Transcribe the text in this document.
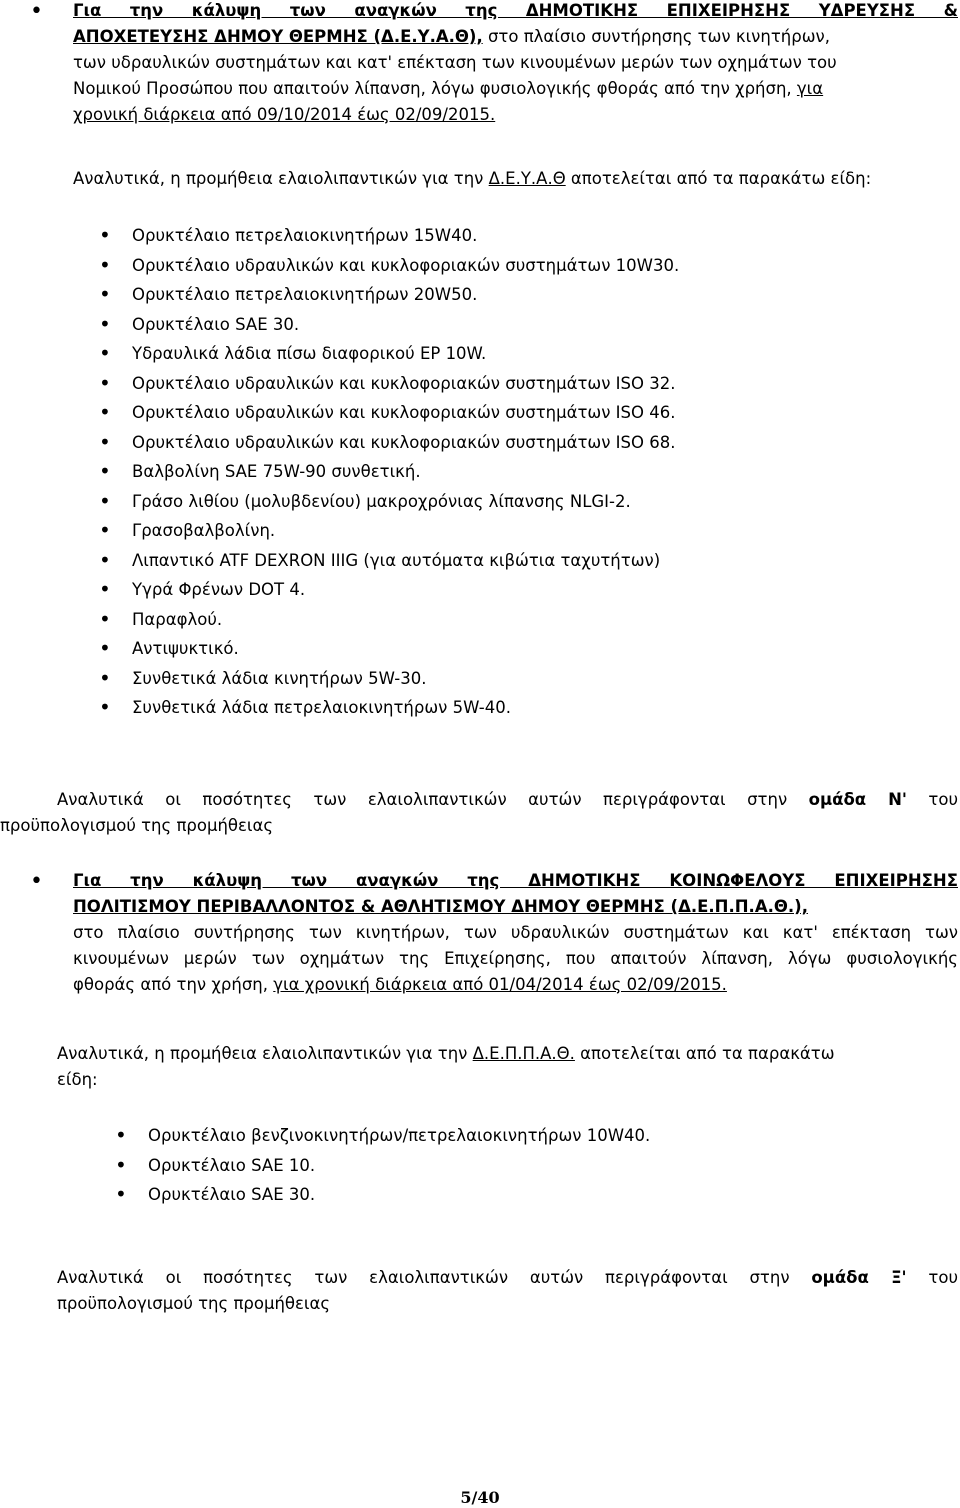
• Για την κάλυψη των αναγκών της ΔΗΜΟΤΙΚΗΣ ΕΠΙΧΕΙΡΗΣΗΣ ΥΔΡΕΥΣΗΣ &
ΑΠΟΧΕΤΕΥΣΗΣ ΔΗΜΟΥ ΘΕΡΜΗΣ (Δ.Ε.Υ.Α.Θ), στο πλαίσιο συντήρησης των κινητήρων,
των υδραυλικών συστημάτων και κατ' επέκταση των κινουμένων μερών των οχημάτων του
Νομικού Προσώπου που απαιτούν λίπανση, λόγω φυσιολογικής φθοράς από την χρήση, για
χρονική διάρκεια από 09/10/2014 έως 02/09/2015.
Αναλυτικά, η προμήθεια ελαιολιπαντικών για την Δ.Ε.Υ.Α.Θ αποτελείται από τα παρακάτω είδη:
• Ορυκτέλαιο πετρελαιοκινητήρων 15W40.
• Ορυκτέλαιο υδραυλικών και κυκλοφοριακών συστημάτων 10W30.
• Ορυκτέλαιο πετρελαιοκινητήρων 20W50.
• Ορυκτέλαιο SAE 30.
• Υδραυλικά λάδια πίσω διαφορικού EP 10W.
• Ορυκτέλαιο υδραυλικών και κυκλοφοριακών συστημάτων ISO 32.
• Ορυκτέλαιο υδραυλικών και κυκλοφοριακών συστημάτων ISO 46.
• Ορυκτέλαιο υδραυλικών και κυκλοφοριακών συστημάτων ISO 68.
• Βαλβολίνη SAE 75W-90 συνθετική.
• Γράσο λιθίου (μολυβδενίου) μακροχρόνιας λίπανσης NLGI-2.
• Γρασοβαλβολίνη.
• Λιπαντικό ATF DEXRON IIIG (για αυτόματα κιβώτια ταχυτήτων)
• Υγρά Φρένων DOT 4.
• Παραφλού.
• Αντιψυκτικό.
• Συνθετικά λάδια κινητήρων 5W-30.
• Συνθετικά λάδια πετρελαιοκινητήρων 5W-40.
Αναλυτικά οι ποσότητες των ελαιολιπαντικών αυτών περιγράφονται στην ομάδα Ν' του
προϋπολογισμού της προμήθειας
• Για την κάλυψη των αναγκών της ΔΗΜΟΤΙΚΗΣ ΚΟΙΝΩΦΕΛΟΥΣ ΕΠΙΧΕΙΡΗΣΗΣ
ΠΟΛΙΤΙΣΜΟΥ ΠΕΡΙΒΑΛΛΟΝΤΟΣ & ΑΘΛΗΤΙΣΜΟΥ ΔΗΜΟΥ ΘΕΡΜΗΣ (Δ.Ε.Π.Π.Α.Θ.),
στο πλαίσιο συντήρησης των κινητήρων, των υδραυλικών συστημάτων και κατ' επέκταση των
κινουμένων μερών των οχημάτων της Επιχείρησης, που απαιτούν λίπανση, λόγω φυσιολογικής
φθοράς από την χρήση, για χρονική διάρκεια από 01/04/2014 έως 02/09/2015.
Αναλυτικά, η προμήθεια ελαιολιπαντικών για την Δ.Ε.Π.Π.Α.Θ. αποτελείται από τα παρακάτω
είδη:
• Ορυκτέλαιο βενζινοκινητήρων/πετρελαιοκινητήρων 10W40.
• Ορυκτέλαιο SAE 10.
• Ορυκτέλαιο SAE 30.
Αναλυτικά οι ποσότητες των ελαιολιπαντικών αυτών περιγράφονται στην ομάδα Ξ' του
προϋπολογισμού της προμήθειας
5/40
